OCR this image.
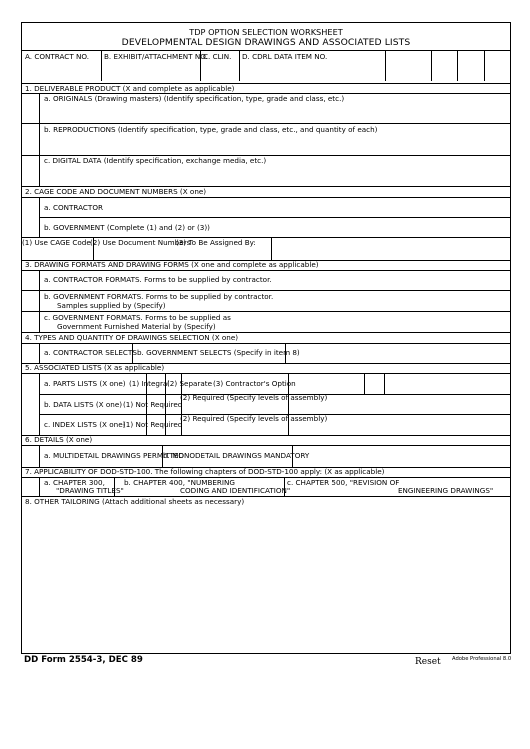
TDP OPTION SELECTION WORKSHEET
DEVELOPMENTAL DESIGN DRAWINGS AND ASSOCIATED LISTS
A. CONTRACT NO. B. EXHIBIT/ATTACHMENT NO.
C. CLIN. D. CDRL DATA ITEM NO.
1. DELIVERABLE PRODUCT (X and complete as applicable)
a. ORIGINALS (Drawing masters) (Identify specification, type, grade and class, etc.)
b. REPRODUCTIONS (Identify specification, type, grade and class, etc., and quantity of each)
c. DIGITAL DATA (Identify specification, exchange media, etc.)
2. CAGE CODE AND DOCUMENT NUMBERS (X one)
a. CONTRACTOR
b. GOVERNMENT (Complete (1) and (2) or (3))
(1) Use CAGE Code (2) Use Document Numbers
(3) To Be Assigned By:
3. DRAWING FORMATS AND DRAWING FORMS (X one and complete as applicable)
a. CONTRACTOR FORMATS. Forms to be supplied by contractor.
b. GOVERNMENT FORMATS. Forms to be supplied by contractor.
Samples supplied by (Specify)
c. GOVERNMENT FORMATS. Forms to be supplied as
Government Furnished Material by (Specify)
4. TYPES AND QUANTITY OF DRAWINGS SELECTION (X one)
a. CONTRACTOR SELECTS b. GOVERNMENT SELECTS (Specify in item 8)
5. ASSOCIATED LISTS (X as applicable)
a. PARTS LISTS (X one) (1) Integral
(2) Separate (3) Contractor's Option
b. DATA LISTS (X one) (1) Not Required
(2) Required (Specify levels of assembly)
c. INDEX LISTS (X one)
(1) Not Required
(2) Required (Specify levels of assembly)
6. DETAILS (X one)
a. MULTIDETAIL DRAWINGS PERMITTED
b. MONODETAIL DRAWINGS MANDATORY
7. APPLICABILITY OF DOD-STD-100. The following chapters of DOD-STD-100 apply: (X as applicable)
a. CHAPTER 300,
"DRAWING TITLES"
b. CHAPTER 400, "NUMBERING
CODING AND IDENTIFICATION"
c. CHAPTER 500, "REVISION OF
ENGINEERING DRAWINGS"
8. OTHER TAILORING (Attach additional sheets as necessary)
DD Form 2554-3, DEC 89	Reset Adobe Professional 8.0
